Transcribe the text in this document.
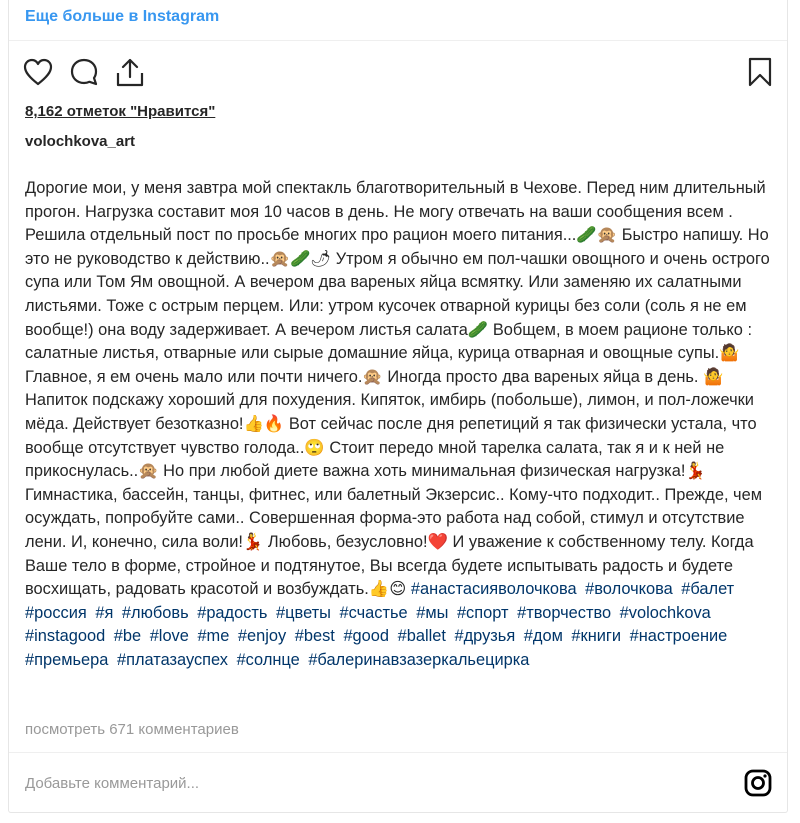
Еще больше в Instagram
8,162 отметок "Нравится"
volochkova_art
Дорогие мои, у меня завтра мой спектакль благотворительный в Чехове. Перед ним длительный прогон. Нагрузка составит моя 10 часов в день. Не могу отвечать на ваши сообщения всем . Решила отдельный пост по просьбе многих про рацион моего питания...🥒🙊 Быстро напишу. Но это не руководство к действию..🙊🥒🌶 Утром я обычно ем пол-чашки овощного и очень острого супа или Том Ям овощной. А вечером два вареных яйца всмятку. Или заменяю их салатными листьями. Тоже с острым перцем. Или: утром кусочек отварной курицы без соли (соль я не ем вообще!) она воду задерживает. А вечером листья салата🥒 Вобщем, в моем рационе только : салатные листья, отварные или сырые домашние яйца, курица отварная и овощные супы.🤷 Главное, я ем очень мало или почти ничего.🙊 Иногда просто два вареных яйца в день. 🤷 Напиток подскажу хороший для похудения. Кипяток, имбирь (побольше), лимон, и пол-ложечки мёда. Действует безотказно!👍🔥 Вот сейчас после дня репетиций я так физически устала, что вообще отсутствует чувство голода..🙄 Стоит передо мной тарелка салата, так я и к ней не прикоснулась..🙊 Но при любой диете важна хоть минимальная физическая нагрузка!💃 Гимнастика, бассейн, танцы, фитнес, или балетный Экзерсис.. Кому-что подходит.. Прежде, чем осуждать, попробуйте сами.. Совершенная форма-это работа над собой, стимул и отсутствие лени. И, конечно, сила воли!💃 Любовь, безусловно!❤️ И уважение к собственному телу. Когда Ваше тело в форме, стройное и подтянутое, Вы всегда будете испытывать радость и будете восхищать, радовать красотой и возбуждать.👍😊 #анастасияволочкова #волочкова #балет #россия #я #любовь #радость #цветы #счастье #мы #спорт #творчество #volochkova #instagood #be #love #me #enjoy #best #good #ballet #друзья #дом #книги #настроение #премьера #платазауспех #солнце #балеринавзазеркальецирка
посмотреть 671 комментариев
Добавьте комментарий...
